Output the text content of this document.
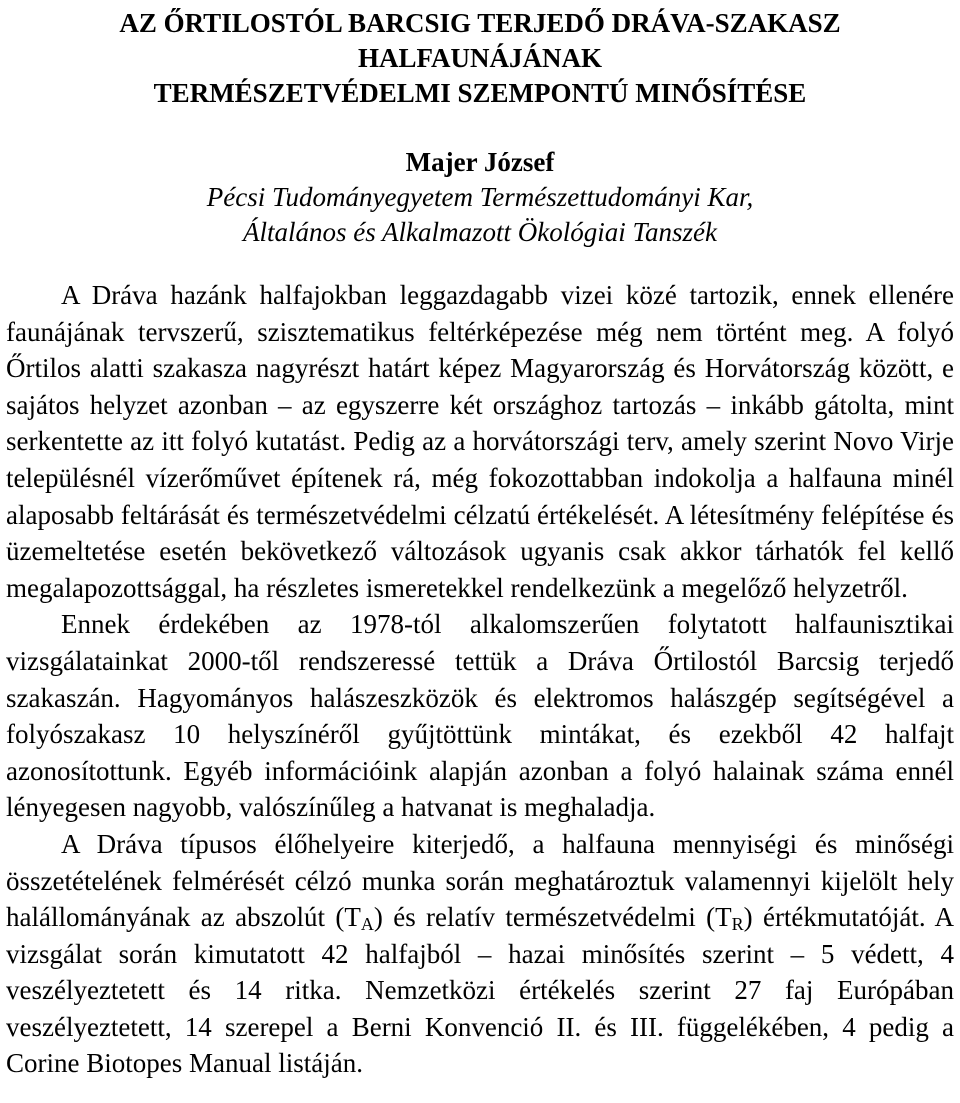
AZ ŐRTILOSTÓL BARCSIG TERJEDŐ DRÁVA-SZAKASZ
HALFAUNÁJÁNAK
TERMÉSZETVÉDELMI SZEMPONTÚ MINŐSÍTÉSE
Majer József
Pécsi Tudományegyetem Természettudományi Kar,
Általános és Alkalmazott Ökológiai Tanszék

A Dráva hazánk halfajokban leggazdagabb vizei közé tartozik, ennek ellenére faunájának tervszerű, szisztematikus feltérképezése még nem történt meg. A folyó Őrtilos alatti szakasza nagyrészt határt képez Magyarország és Horvátország között, e sajátos helyzet azonban – az egyszerre két országhoz tartozás – inkább gátolta, mint serkentette az itt folyó kutatást. Pedig az a horvátországi terv, amely szerint Novo Virje településnél vízerőművet építenek rá, még fokozottabban indokolja a halfauna minél alaposabb feltárását és természetvédelmi célzatú értékelését. A létesítmény felépítése és üzemeltetése esetén bekövetkező változások ugyanis csak akkor tárhatók fel kellő megalapozottsággal, ha részletes ismeretekkel rendelkezünk a megelőző helyzetről.

Ennek érdekében az 1978-tól alkalomszerűen folytatott halfaunisztikai vizsgálatainkat 2000-től rendszeressé tettük a Dráva Őrtilostól Barcsig terjedő szakaszán. Hagyományos halászeszközök és elektromos halászgép segítségével a folyószakasz 10 helyszínéről gyűjtöttünk mintákat, és ezekből 42 halfajt azonosítottunk. Egyéb információink alapján azonban a folyó halainak száma ennél lényegesen nagyobb, valószínűleg a hatvanat is meghaladja.

A Dráva típusos élőhelyeire kiterjedő, a halfauna mennyiségi és minőségi összetételének felmérését célzó munka során meghatároztuk valamennyi kijelölt hely halállományának az abszolút $(T_A)$ és relatív természetvédelmi $(T_R)$ értékmutatóját. A vizsgálat során kimutatott 42 halfajból – hazai minősítés szerint – 5 védett, 4 veszélyeztetett és 14 ritka. Nemzetközi értékelés szerint 27 faj Európában veszélyeztetett, 14 szerepel a Berni Konvenció II. és III. függelékében, 4 pedig a Corine Biotopes Manual listáján.
